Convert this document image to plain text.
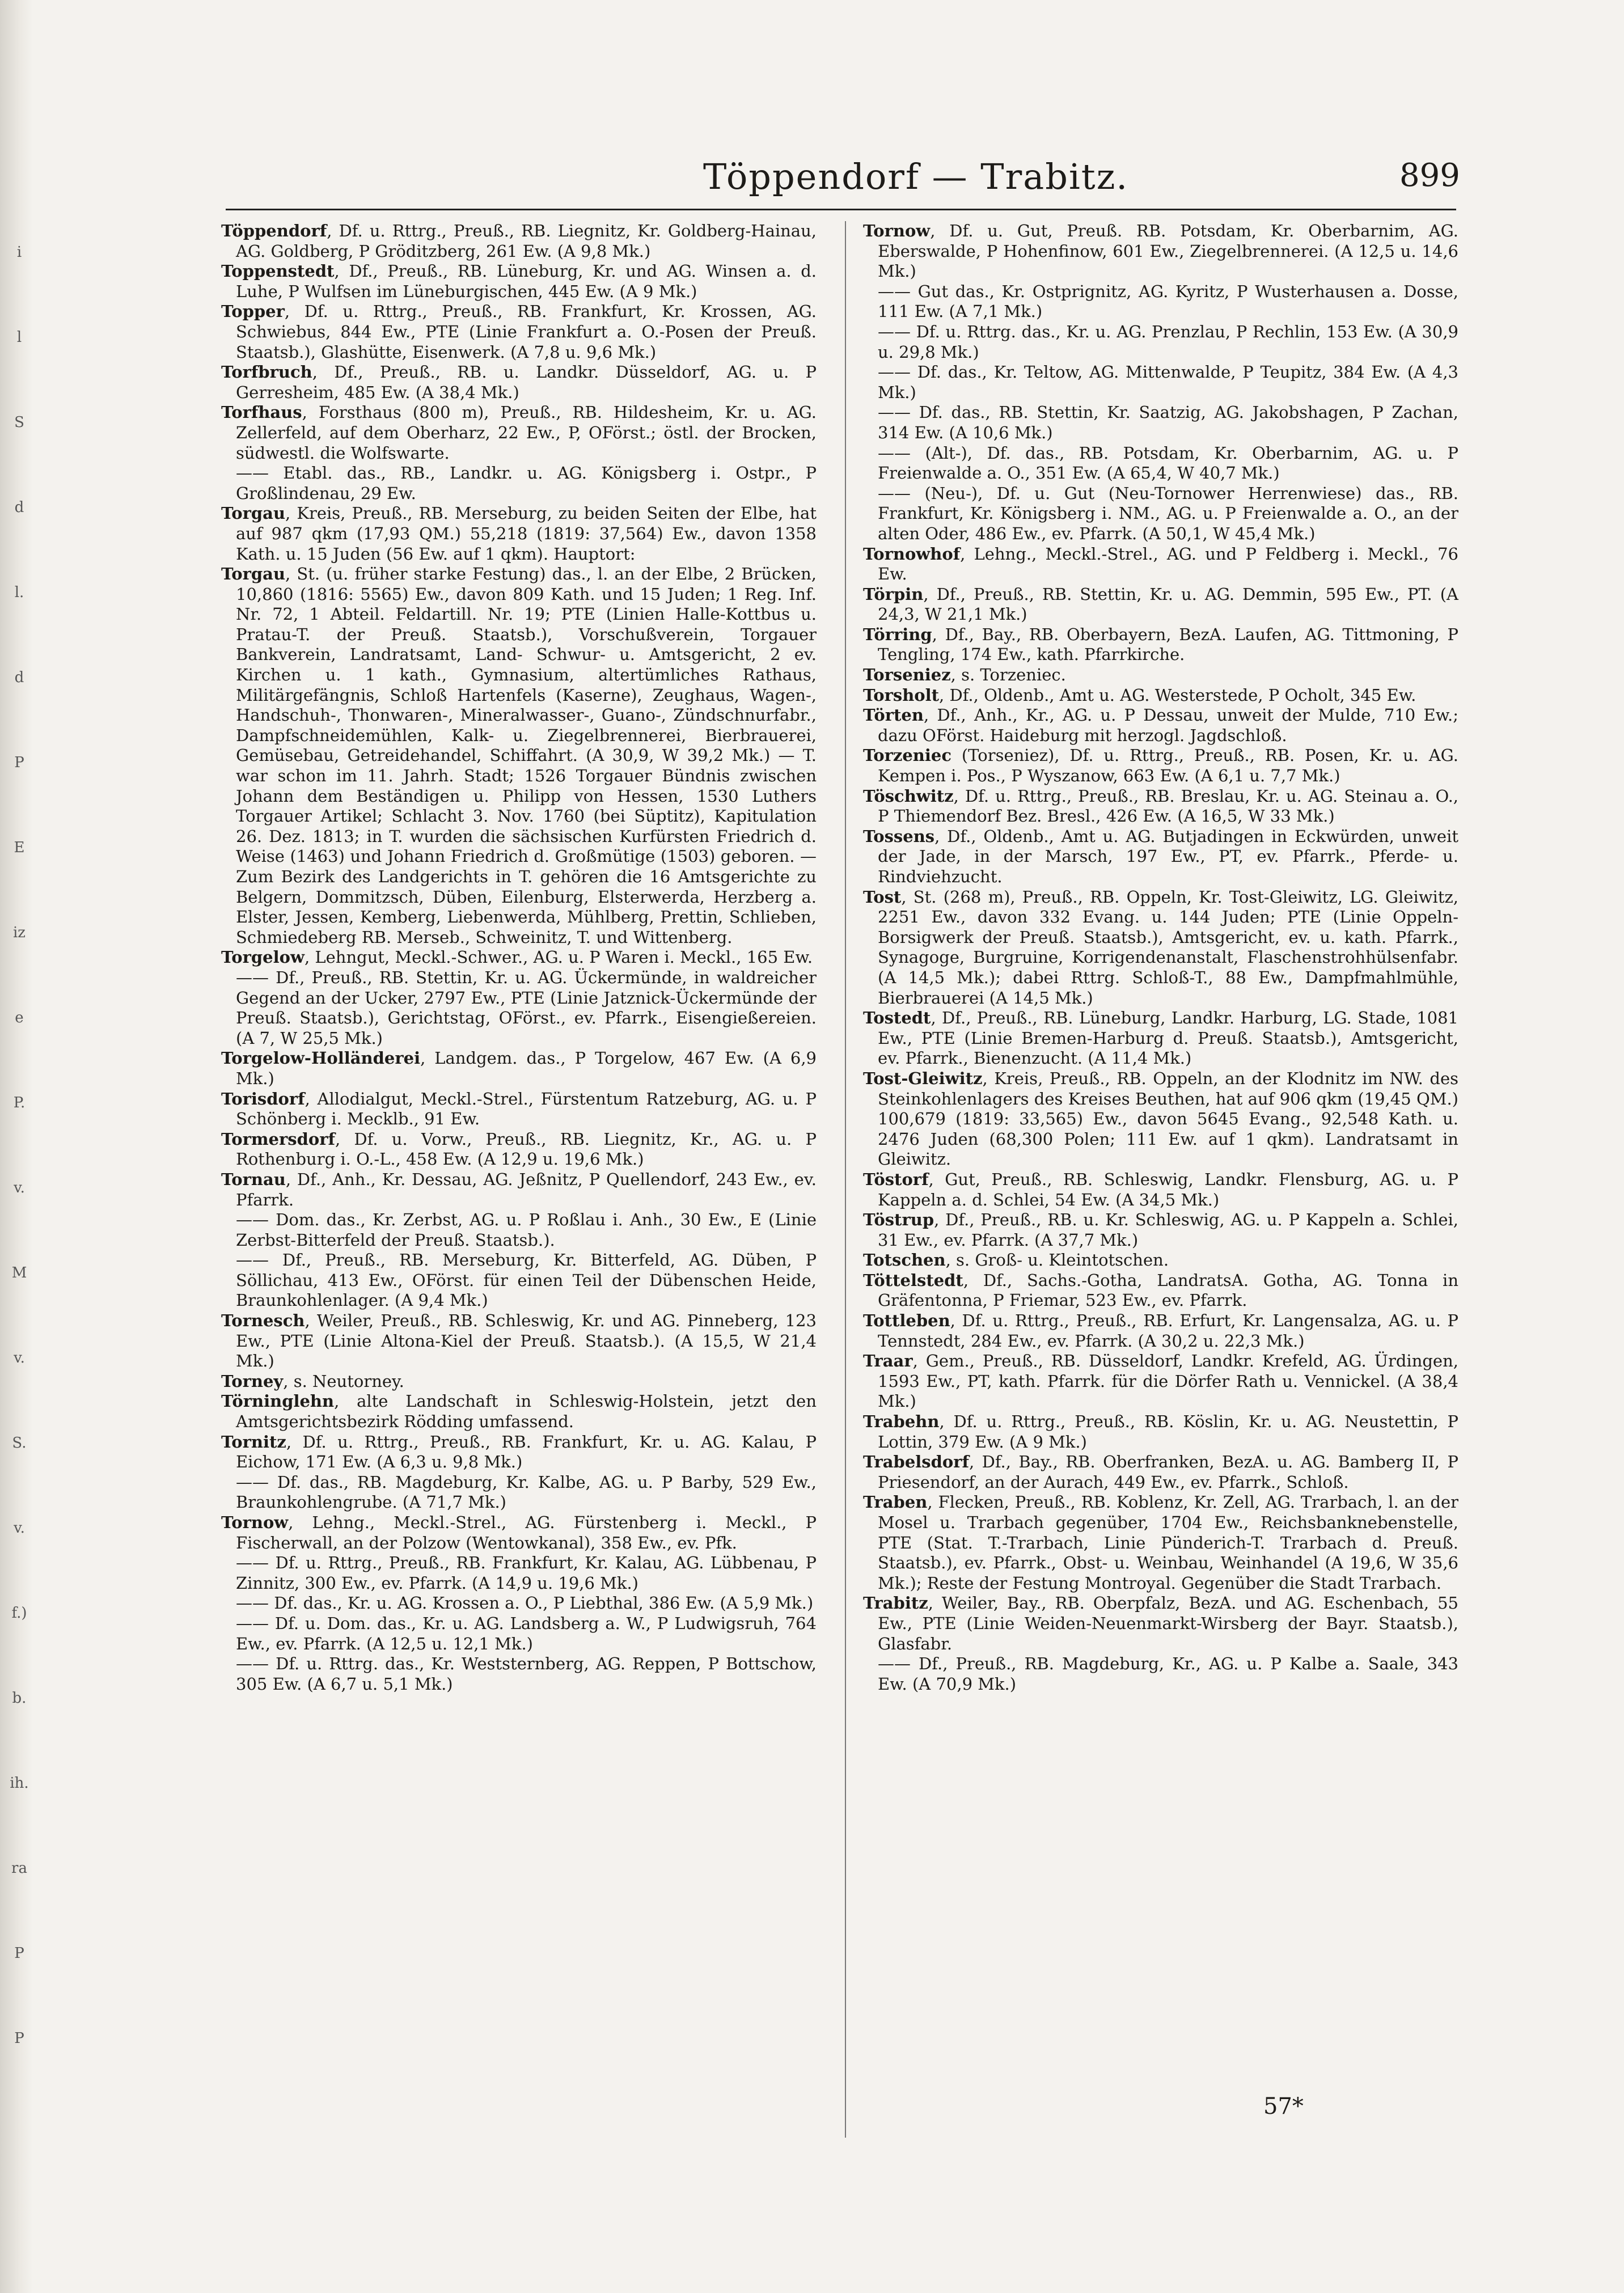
i
l
S
d
l.
d
P
E
iz
e
P.
v.
M
v.
S.
v.
f.)
b.
ih.
ra
P
P
Töppendorf — Trabitz.	899

Töppendorf, Df. u. Rttrg., Preuß., RB. Liegnitz, Kr. Goldberg-Hainau, AG. Goldberg, P Gröditzberg, 261 Ew. (A 9,8 Mk.)

Toppenstedt, Df., Preuß., RB. Lüneburg, Kr. und AG. Winsen a. d. Luhe, P Wulfsen im Lüneburgischen, 445 Ew. (A 9 Mk.)

Topper, Df. u. Rttrg., Preuß., RB. Frankfurt, Kr. Krossen, AG. Schwiebus, 844 Ew., PTE (Linie Frankfurt a. O.-Posen der Preuß. Staatsb.), Glashütte, Eisenwerk. (A 7,8 u. 9,6 Mk.)

Torfbruch, Df., Preuß., RB. u. Landkr. Düsseldorf, AG. u. P Gerresheim, 485 Ew. (A 38,4 Mk.)

Torfhaus, Forsthaus (800 m), Preuß., RB. Hildesheim, Kr. u. AG. Zellerfeld, auf dem Oberharz, 22 Ew., P, OFörst.; östl. der Brocken, südwestl. die Wolfswarte.

—— Etabl. das., RB., Landkr. u. AG. Königsberg i. Ostpr., P Großlindenau, 29 Ew.

Torgau, Kreis, Preuß., RB. Merseburg, zu beiden Seiten der Elbe, hat auf 987 qkm (17,93 QM.) 55,218 (1819: 37,564) Ew., davon 1358 Kath. u. 15 Juden (56 Ew. auf 1 qkm). Hauptort:

Torgau, St. (u. früher starke Festung) das., l. an der Elbe, 2 Brücken, 10,860 (1816: 5565) Ew., davon 809 Kath. und 15 Juden; 1 Reg. Inf. Nr. 72, 1 Abteil. Feldartill. Nr. 19; PTE (Linien Halle-Kottbus u. Pratau-T. der Preuß. Staatsb.), Vorschußverein, Torgauer Bankverein, Landratsamt, Land- Schwur- u. Amtsgericht, 2 ev. Kirchen u. 1 kath., Gymnasium, altertümliches Rathaus, Militärgefängnis, Schloß Hartenfels (Kaserne), Zeughaus, Wagen-, Handschuh-, Thonwaren-, Mineralwasser-, Guano-, Zündschnurfabr., Dampfschneidemühlen, Kalk- u. Ziegelbrennerei, Bierbrauerei, Gemüsebau, Getreidehandel, Schiffahrt. (A 30,9, W 39,2 Mk.) — T. war schon im 11. Jahrh. Stadt; 1526 Torgauer Bündnis zwischen Johann dem Beständigen u. Philipp von Hessen, 1530 Luthers Torgauer Artikel; Schlacht 3. Nov. 1760 (bei Süptitz), Kapitulation 26. Dez. 1813; in T. wurden die sächsischen Kurfürsten Friedrich d. Weise (1463) und Johann Friedrich d. Großmütige (1503) geboren. — Zum Bezirk des Landgerichts in T. gehören die 16 Amtsgerichte zu Belgern, Dommitzsch, Düben, Eilenburg, Elsterwerda, Herzberg a. Elster, Jessen, Kemberg, Liebenwerda, Mühlberg, Prettin, Schlieben, Schmiedeberg RB. Merseb., Schweinitz, T. und Wittenberg.

Torgelow, Lehngut, Meckl.-Schwer., AG. u. P Waren i. Meckl., 165 Ew.

—— Df., Preuß., RB. Stettin, Kr. u. AG. Ückermünde, in waldreicher Gegend an der Ucker, 2797 Ew., PTE (Linie Jatznick-Ückermünde der Preuß. Staatsb.), Gerichtstag, OFörst., ev. Pfarrk., Eisengießereien. (A 7, W 25,5 Mk.)

Torgelow-Holländerei, Landgem. das., P Torgelow, 467 Ew. (A 6,9 Mk.)

Torisdorf, Allodialgut, Meckl.-Strel., Fürstentum Ratzeburg, AG. u. P Schönberg i. Mecklb., 91 Ew.

Tormersdorf, Df. u. Vorw., Preuß., RB. Liegnitz, Kr., AG. u. P Rothenburg i. O.-L., 458 Ew. (A 12,9 u. 19,6 Mk.)

Tornau, Df., Anh., Kr. Dessau, AG. Jeßnitz, P Quellendorf, 243 Ew., ev. Pfarrk.

—— Dom. das., Kr. Zerbst, AG. u. P Roßlau i. Anh., 30 Ew., E (Linie Zerbst-Bitterfeld der Preuß. Staatsb.).

—— Df., Preuß., RB. Merseburg, Kr. Bitterfeld, AG. Düben, P Söllichau, 413 Ew., OFörst. für einen Teil der Dübenschen Heide, Braunkohlenlager. (A 9,4 Mk.)

Tornesch, Weiler, Preuß., RB. Schleswig, Kr. und AG. Pinneberg, 123 Ew., PTE (Linie Altona-Kiel der Preuß. Staatsb.). (A 15,5, W 21,4 Mk.)

Torney, s. Neutorney.

Törninglehn, alte Landschaft in Schleswig-Holstein, jetzt den Amtsgerichtsbezirk Rödding umfassend.

Tornitz, Df. u. Rttrg., Preuß., RB. Frankfurt, Kr. u. AG. Kalau, P Eichow, 171 Ew. (A 6,3 u. 9,8 Mk.)

—— Df. das., RB. Magdeburg, Kr. Kalbe, AG. u. P Barby, 529 Ew., Braunkohlengrube. (A 71,7 Mk.)

Tornow, Lehng., Meckl.-Strel., AG. Fürstenberg i. Meckl., P Fischerwall, an der Polzow (Wentowkanal), 358 Ew., ev. Pfk.

—— Df. u. Rttrg., Preuß., RB. Frankfurt, Kr. Kalau, AG. Lübbenau, P Zinnitz, 300 Ew., ev. Pfarrk. (A 14,9 u. 19,6 Mk.)

—— Df. das., Kr. u. AG. Krossen a. O., P Liebthal, 386 Ew. (A 5,9 Mk.)

—— Df. u. Dom. das., Kr. u. AG. Landsberg a. W., P Ludwigsruh, 764 Ew., ev. Pfarrk. (A 12,5 u. 12,1 Mk.)

—— Df. u. Rttrg. das., Kr. Weststernberg, AG. Reppen, P Bottschow, 305 Ew. (A 6,7 u. 5,1 Mk.)

Tornow, Df. u. Gut, Preuß. RB. Potsdam, Kr. Oberbarnim, AG. Eberswalde, P Hohenfinow, 601 Ew., Ziegelbrennerei. (A 12,5 u. 14,6 Mk.)

—— Gut das., Kr. Ostprignitz, AG. Kyritz, P Wusterhausen a. Dosse, 111 Ew. (A 7,1 Mk.)

—— Df. u. Rttrg. das., Kr. u. AG. Prenzlau, P Rechlin, 153 Ew. (A 30,9 u. 29,8 Mk.)

—— Df. das., Kr. Teltow, AG. Mittenwalde, P Teupitz, 384 Ew. (A 4,3 Mk.)

—— Df. das., RB. Stettin, Kr. Saatzig, AG. Jakobshagen, P Zachan, 314 Ew. (A 10,6 Mk.)

—— (Alt-), Df. das., RB. Potsdam, Kr. Oberbarnim, AG. u. P Freienwalde a. O., 351 Ew. (A 65,4, W 40,7 Mk.)

—— (Neu-), Df. u. Gut (Neu-Tornower Herrenwiese) das., RB. Frankfurt, Kr. Königsberg i. NM., AG. u. P Freienwalde a. O., an der alten Oder, 486 Ew., ev. Pfarrk. (A 50,1, W 45,4 Mk.)

Tornowhof, Lehng., Meckl.-Strel., AG. und P Feldberg i. Meckl., 76 Ew.

Törpin, Df., Preuß., RB. Stettin, Kr. u. AG. Demmin, 595 Ew., PT. (A 24,3, W 21,1 Mk.)

Törring, Df., Bay., RB. Oberbayern, BezA. Laufen, AG. Tittmoning, P Tengling, 174 Ew., kath. Pfarrkirche.

Torseniez, s. Torzeniec.

Torsholt, Df., Oldenb., Amt u. AG. Westerstede, P Ocholt, 345 Ew.

Törten, Df., Anh., Kr., AG. u. P Dessau, unweit der Mulde, 710 Ew.; dazu OFörst. Haideburg mit herzogl. Jagdschloß.

Torzeniec (Torseniez), Df. u. Rttrg., Preuß., RB. Posen, Kr. u. AG. Kempen i. Pos., P Wyszanow, 663 Ew. (A 6,1 u. 7,7 Mk.)

Töschwitz, Df. u. Rttrg., Preuß., RB. Breslau, Kr. u. AG. Steinau a. O., P Thiemendorf Bez. Bresl., 426 Ew. (A 16,5, W 33 Mk.)

Tossens, Df., Oldenb., Amt u. AG. Butjadingen in Eckwürden, unweit der Jade, in der Marsch, 197 Ew., PT, ev. Pfarrk., Pferde- u. Rindviehzucht.

Tost, St. (268 m), Preuß., RB. Oppeln, Kr. Tost-Gleiwitz, LG. Gleiwitz, 2251 Ew., davon 332 Evang. u. 144 Juden; PTE (Linie Oppeln-Borsigwerk der Preuß. Staatsb.), Amtsgericht, ev. u. kath. Pfarrk., Synagoge, Burgruine, Korrigendenanstalt, Flaschenstrohhülsenfabr. (A 14,5 Mk.); dabei Rttrg. Schloß-T., 88 Ew., Dampfmahlmühle, Bierbrauerei (A 14,5 Mk.)

Tostedt, Df., Preuß., RB. Lüneburg, Landkr. Harburg, LG. Stade, 1081 Ew., PTE (Linie Bremen-Harburg d. Preuß. Staatsb.), Amtsgericht, ev. Pfarrk., Bienenzucht. (A 11,4 Mk.)

Tost-Gleiwitz, Kreis, Preuß., RB. Oppeln, an der Klodnitz im NW. des Steinkohlenlagers des Kreises Beuthen, hat auf 906 qkm (19,45 QM.) 100,679 (1819: 33,565) Ew., davon 5645 Evang., 92,548 Kath. u. 2476 Juden (68,300 Polen; 111 Ew. auf 1 qkm). Landratsamt in Gleiwitz.

Töstorf, Gut, Preuß., RB. Schleswig, Landkr. Flensburg, AG. u. P Kappeln a. d. Schlei, 54 Ew. (A 34,5 Mk.)

Töstrup, Df., Preuß., RB. u. Kr. Schleswig, AG. u. P Kappeln a. Schlei, 31 Ew., ev. Pfarrk. (A 37,7 Mk.)

Totschen, s. Groß- u. Kleintotschen.

Töttelstedt, Df., Sachs.-Gotha, LandratsA. Gotha, AG. Tonna in Gräfentonna, P Friemar, 523 Ew., ev. Pfarrk.

Tottleben, Df. u. Rttrg., Preuß., RB. Erfurt, Kr. Langensalza, AG. u. P Tennstedt, 284 Ew., ev. Pfarrk. (A 30,2 u. 22,3 Mk.)

Traar, Gem., Preuß., RB. Düsseldorf, Landkr. Krefeld, AG. Ürdingen, 1593 Ew., PT, kath. Pfarrk. für die Dörfer Rath u. Vennickel. (A 38,4 Mk.)

Trabehn, Df. u. Rttrg., Preuß., RB. Köslin, Kr. u. AG. Neustettin, P Lottin, 379 Ew. (A 9 Mk.)

Trabelsdorf, Df., Bay., RB. Oberfranken, BezA. u. AG. Bamberg II, P Priesendorf, an der Aurach, 449 Ew., ev. Pfarrk., Schloß.

Traben, Flecken, Preuß., RB. Koblenz, Kr. Zell, AG. Trarbach, l. an der Mosel u. Trarbach gegenüber, 1704 Ew., Reichsbanknebenstelle, PTE (Stat. T.-Trarbach, Linie Pünderich-T. Trarbach d. Preuß. Staatsb.), ev. Pfarrk., Obst- u. Weinbau, Weinhandel (A 19,6, W 35,6 Mk.); Reste der Festung Montroyal. Gegenüber die Stadt Trarbach.

Trabitz, Weiler, Bay., RB. Oberpfalz, BezA. und AG. Eschenbach, 55 Ew., PTE (Linie Weiden-Neuenmarkt-Wirsberg der Bayr. Staatsb.), Glasfabr.

—— Df., Preuß., RB. Magdeburg, Kr., AG. u. P Kalbe a. Saale, 343 Ew. (A 70,9 Mk.)

57*
